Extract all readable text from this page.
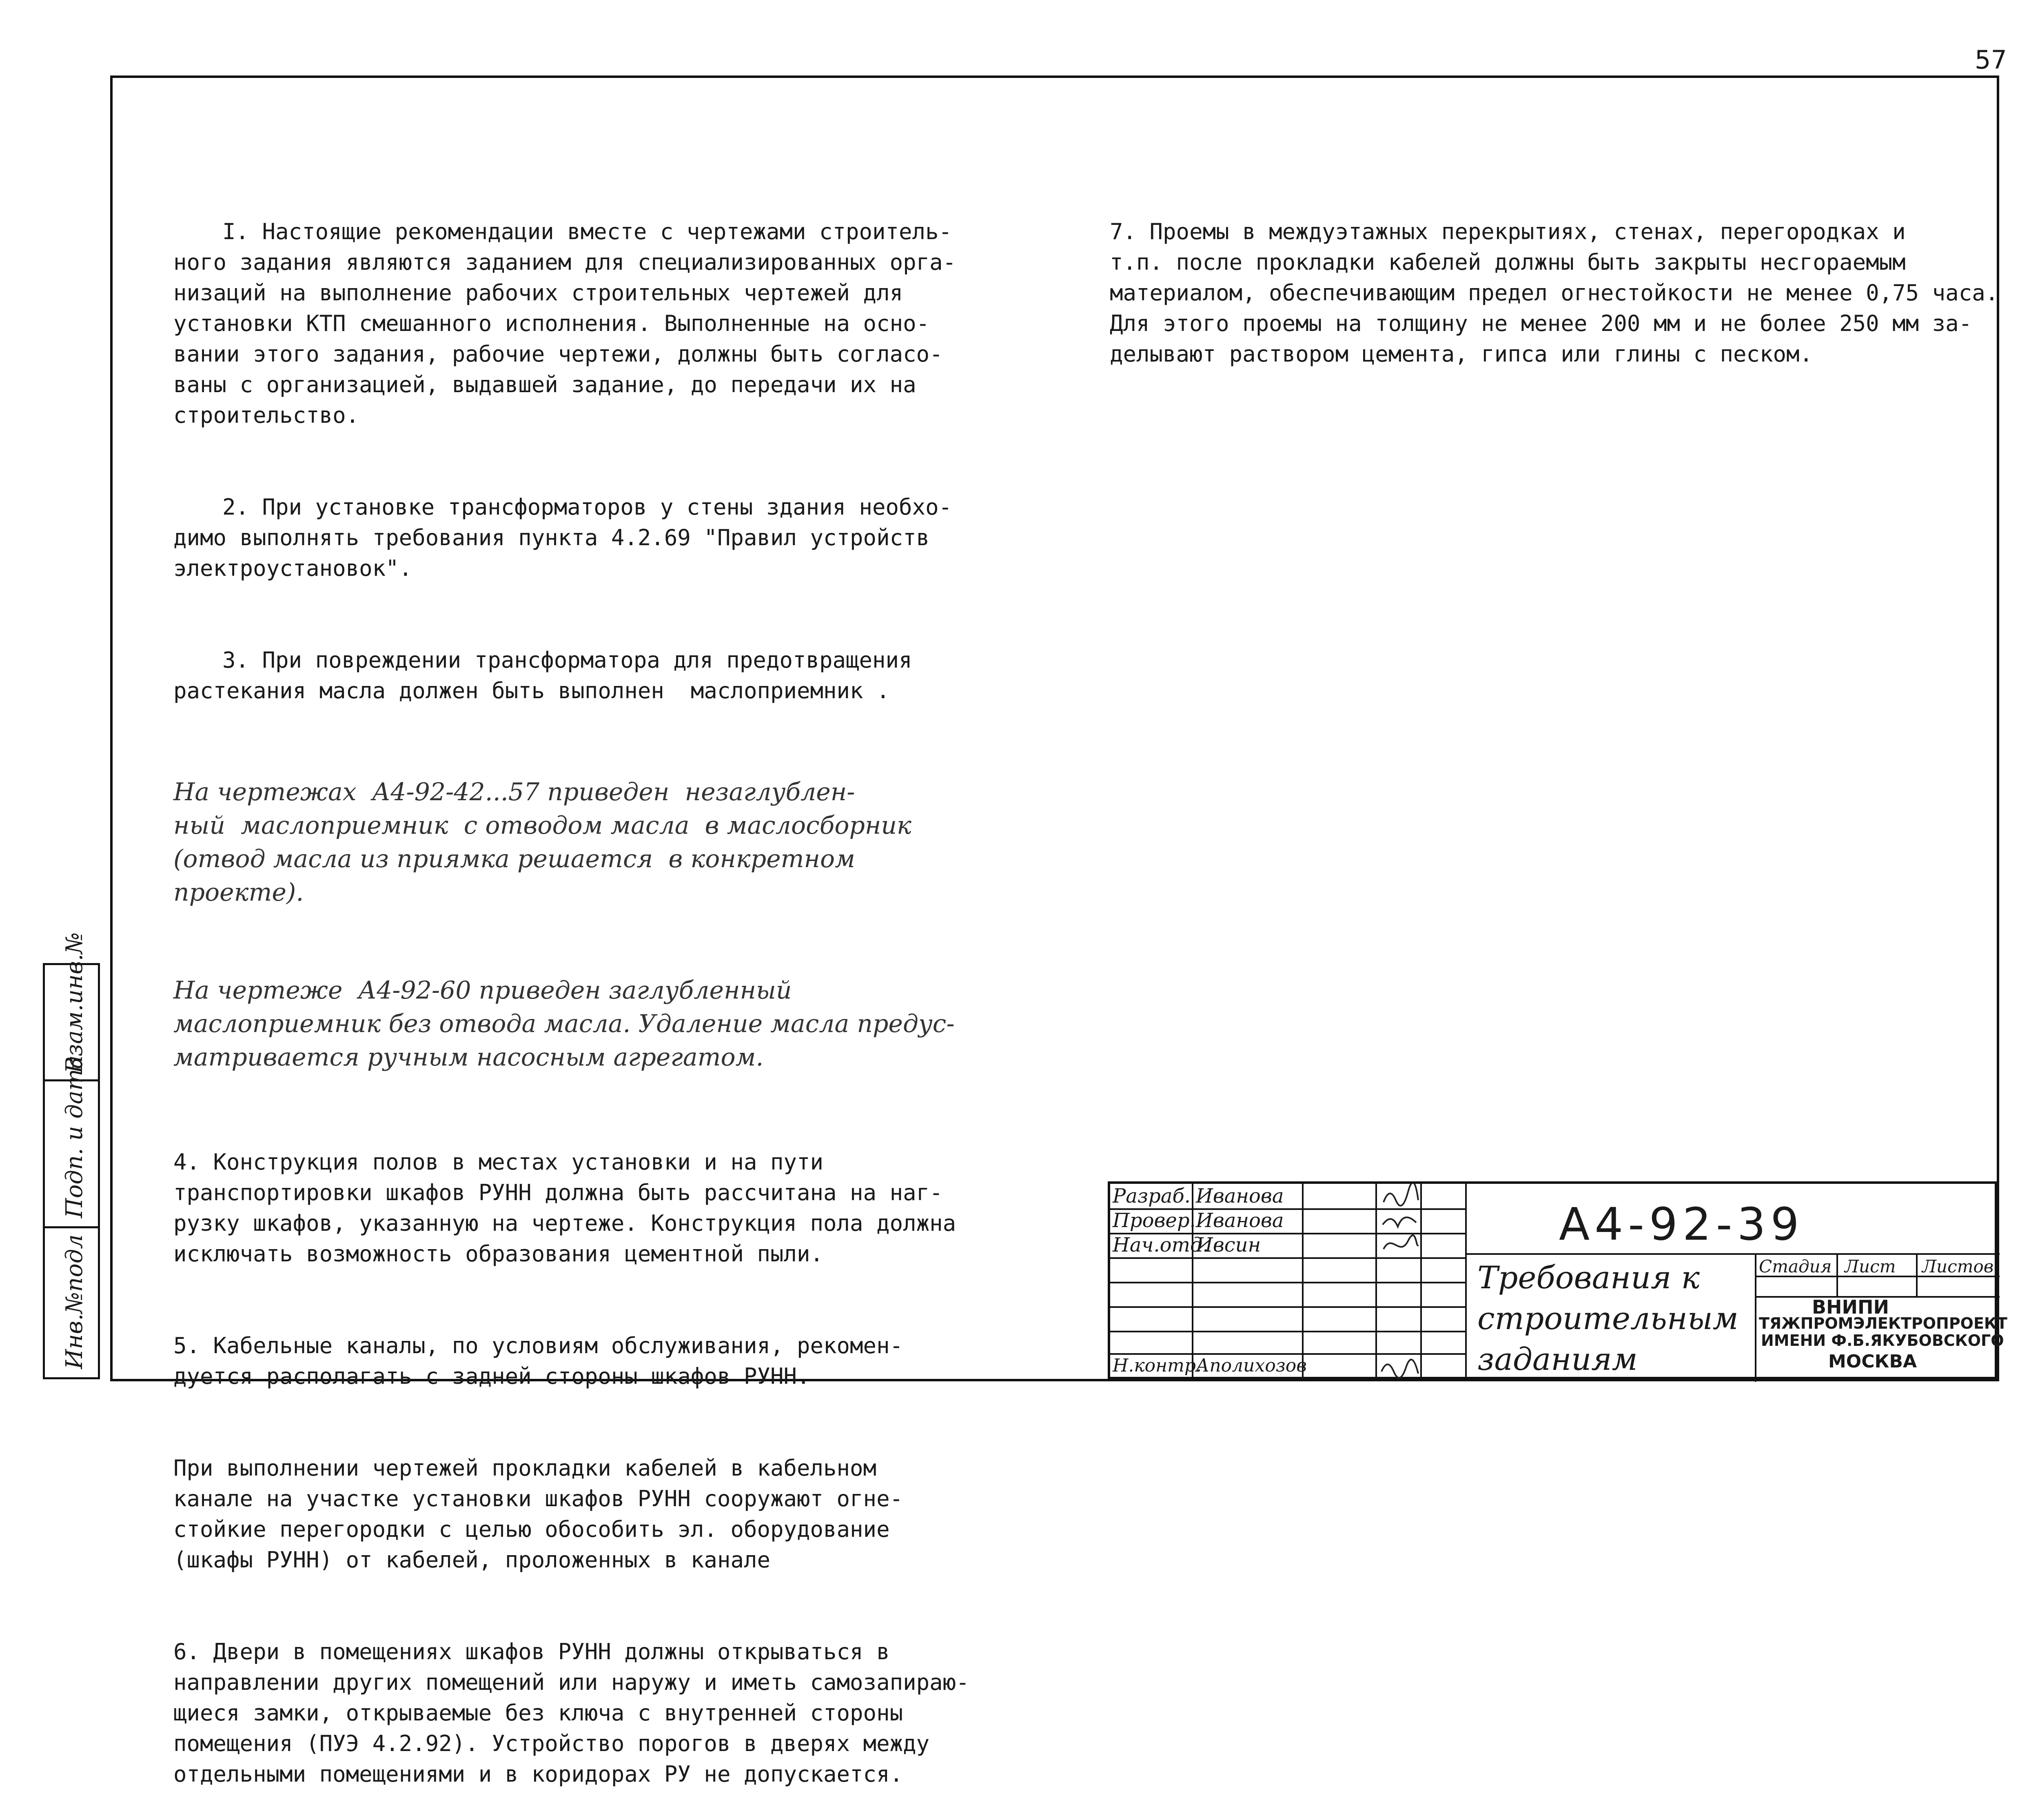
57

I. Настоящие рекомендации вместе с чертежами строитель-
ного задания являются заданием для специализированных орга-
низаций на выполнение рабочих строительных чертежей для
установки КТП смешанного исполнения. Выполненные на осно-
вании этого задания, рабочие чертежи, должны быть согласо-
ваны с организацией, выдавшей задание, до передачи их на
строительство.

2. При установке трансформаторов у стены здания необхо-
димо выполнять требования пункта 4.2.69 "Правил устройств
электроустановок".

3. При повреждении трансформатора для предотвращения
растекания масла должен быть выполнен  маслоприемник .

На чертежах  А4-92-42...57 приведен  незаглублен-
ный  маслоприемник  с отводом масла  в маслосборник
(отвод масла из приямка решается  в конкретном
проекте).

На чертеже  А4-92-60 приведен заглубленный
маслоприемник без отвода масла. Удаление масла предус-
матривается ручным насосным агрегатом.

4. Конструкция полов в местах установки и на пути
транспортировки шкафов РУНН должна быть рассчитана на наг-
рузку шкафов, указанную на чертеже. Конструкция пола должна
исключать возможность образования цементной пыли.

5. Кабельные каналы, по условиям обслуживания, рекомен-
дуется располагать с задней стороны шкафов РУНН.

При выполнении чертежей прокладки кабелей в кабельном
канале на участке установки шкафов РУНН сооружают огне-
стойкие перегородки с целью обособить эл. оборудование
(шкафы РУНН) от кабелей, проложенных в канале

6. Двери в помещениях шкафов РУНН должны открываться в
направлении других помещений или наружу и иметь самозапираю-
щиеся замки, открываемые без ключа с внутренней стороны
помещения (ПУЭ 4.2.92). Устройство порогов в дверях между
отдельными помещениями и в коридорах РУ не допускается.

7. Проемы в междуэтажных перекрытиях, стенах, перегородках и
т.п. после прокладки кабелей должны быть закрыты несгораемым
материалом, обеспечивающим предел огнестойкости не менее 0,75 часа.
Для этого проемы на толщину не менее 200 мм и не более 250 мм за-
делывают раствором цемента, гипса или глины с песком.

Инв.№подл
Подп. и дата
Взам.инв.№
Разраб. Иванова
Провер. Иванова
Нач.отд.
Ивсин
Н.контр.
Аполихозов
А4-92-39
Требования к
строительным
заданиям
Стадия Лист Листов
ВНИПИ
ТЯЖПРОМЭЛЕКТРОПРОЕКТ
ИМЕНИ Ф.Б.ЯКУБОВСКОГО
МОСКВА
